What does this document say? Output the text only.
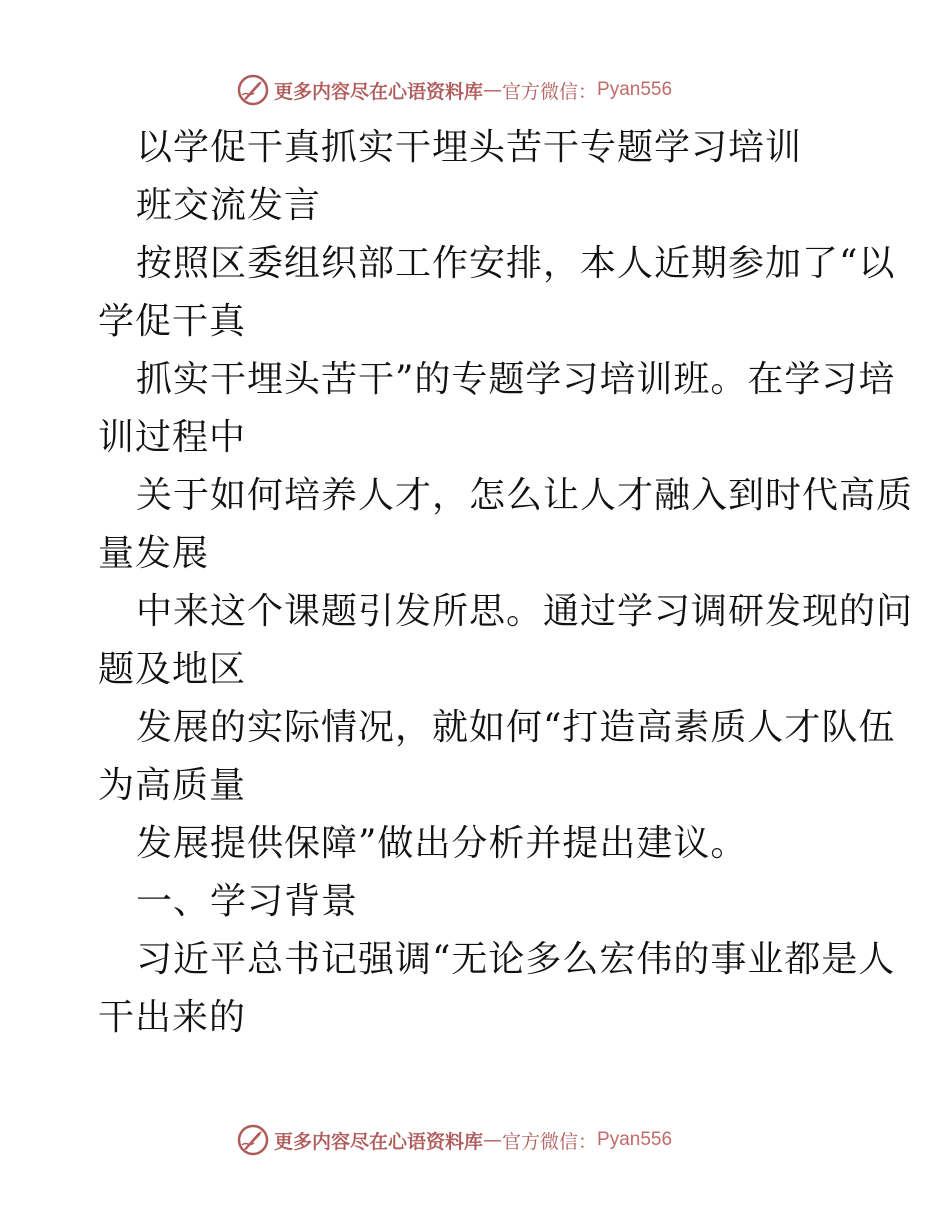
更多内容尽在心语资料库 — 官方微信： Pyan556
以学促干真抓实干埋头苦干专题学习培训
班交流发言
按照区委组织部工作安排，本人近期参加了“以
学促干真
抓实干埋头苦干”的专题学习培训班。在学习培
训过程中
关于如何培养人才，怎么让人才融入到时代高质
量发展
中来这个课题引发所思。通过学习调研发现的问
题及地区
发展的实际情况，就如何“打造高素质人才队伍
为高质量
发展提供保障”做出分析并提出建议。
一、学习背景
习近平总书记强调“无论多么宏伟的事业都是人
干出来的
更多内容尽在心语资料库 — 官方微信： Pyan556
